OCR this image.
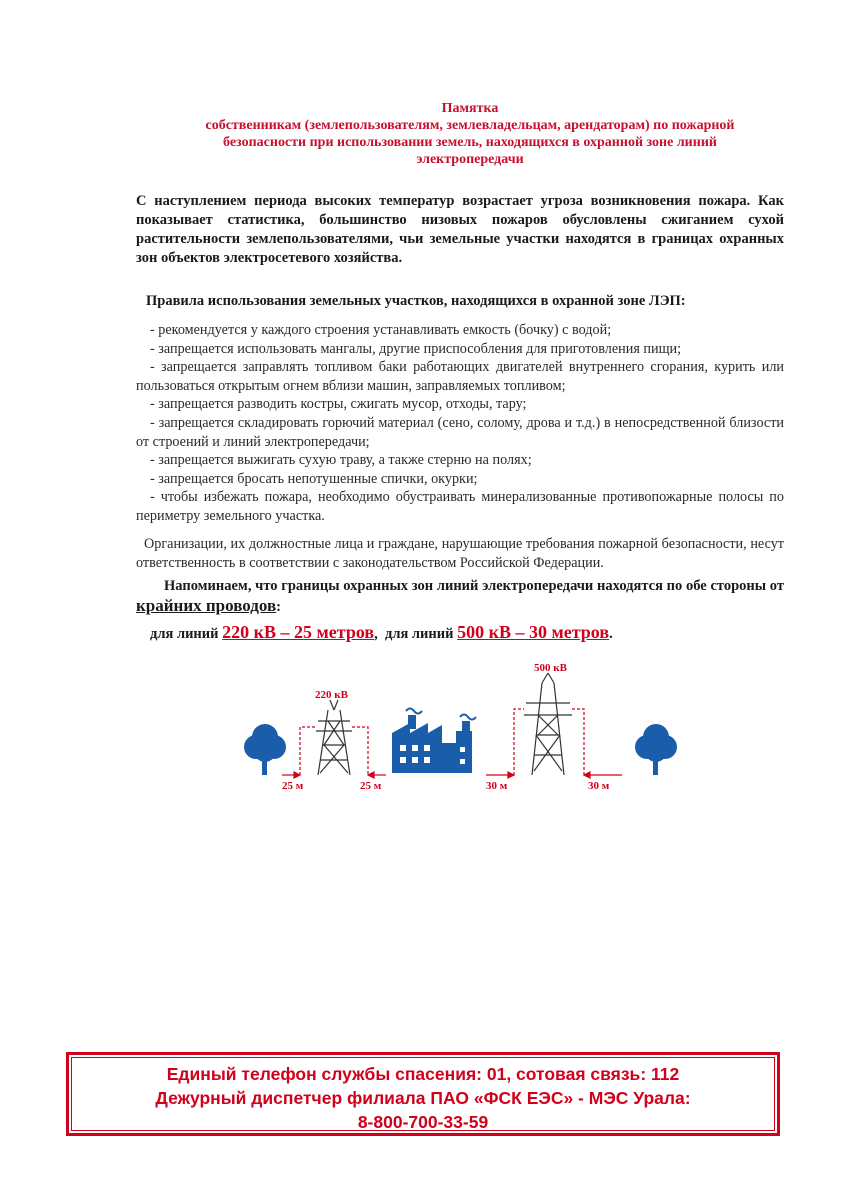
Памятка
собственникам (землепользователям, землевладельцам, арендаторам) по пожарной
безопасности при использовании земель, находящихся в охранной зоне линий
электропередачи
С наступлением периода высоких температур возрастает угроза возникновения пожара. Как показывает статистика, большинство низовых пожаров обусловлены сжиганием сухой растительности землепользователями, чьи земельные участки находятся в границах охранных зон объектов электросетевого хозяйства.
Правила использования земельных участков, находящихся в охранной зоне ЛЭП:
- рекомендуется у каждого строения устанавливать емкость (бочку) с водой;
- запрещается использовать мангалы, другие приспособления для приготовления пищи;
- запрещается заправлять топливом баки работающих двигателей внутреннего сгорания, курить или пользоваться открытым огнем вблизи машин, заправляемых топливом;
- запрещается разводить костры, сжигать мусор, отходы, тару;
- запрещается складировать горючий материал (сено, солому, дрова и т.д.) в непосредственной близости от строений и линий электропередачи;
- запрещается выжигать сухую траву, а также стерню на полях;
- запрещается бросать непотушенные спички, окурки;
- чтобы избежать пожара, необходимо обустраивать минерализованные противопожарные полосы по периметру земельного участка.
Организации, их должностные лица и граждане, нарушающие требования пожарной безопасности, несут ответственность в соответствии с законодательством Российской Федерации.
Напоминаем, что границы охранных зон линий электропередачи находятся по обе стороны от крайних проводов:
для линий 220 кВ – 25 метров,  для линий 500 кВ – 30 метров.
220 кВ
500 кВ
25 м	25 м	30 м	30 м
Единый телефон службы спасения: 01, сотовая связь: 112
Дежурный диспетчер филиала ПАО «ФСК ЕЭС» - МЭС Урала:
8-800-700-33-59
